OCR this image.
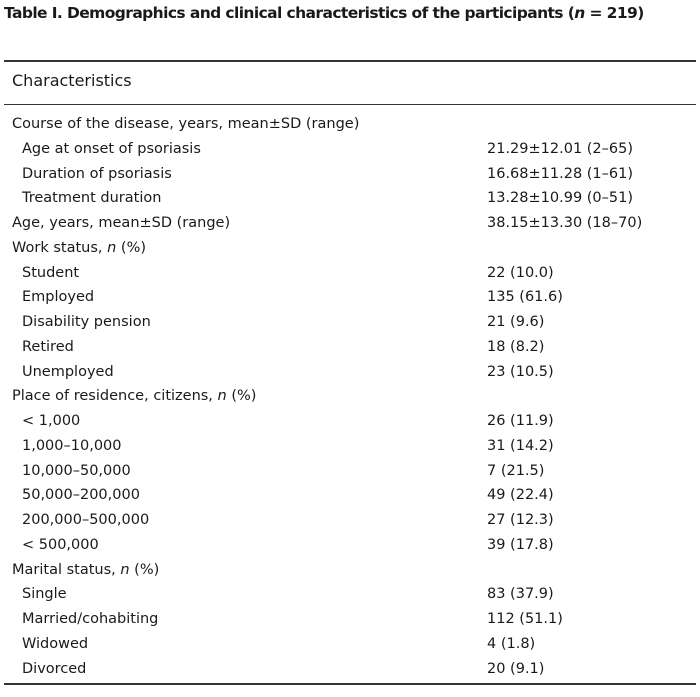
Table I. Demographics and clinical characteristics of the participants (n = 219)
Characteristics
Course of the disease, years, mean±SD (range)
Age at onset of psoriasis	21.29±12.01 (2–65)
Duration of psoriasis	16.68±11.28 (1–61)
Treatment duration	13.28±10.99 (0–51)
Age, years, mean±SD (range)	38.15±13.30 (18–70)
Work status, n (%)
Student	22 (10.0)
Employed	135 (61.6)
Disability pension	21 (9.6)
Retired	18 (8.2)
Unemployed	23 (10.5)
Place of residence, citizens, n (%)
< 1,000	26 (11.9)
1,000–10,000	31 (14.2)
10,000–50,000	7 (21.5)
50,000–200,000	49 (22.4)
200,000–500,000	27 (12.3)
< 500,000	39 (17.8)
Marital status, n (%)
Single	83 (37.9)
Married/cohabiting	112 (51.1)
Widowed	4 (1.8)
Divorced	20 (9.1)
